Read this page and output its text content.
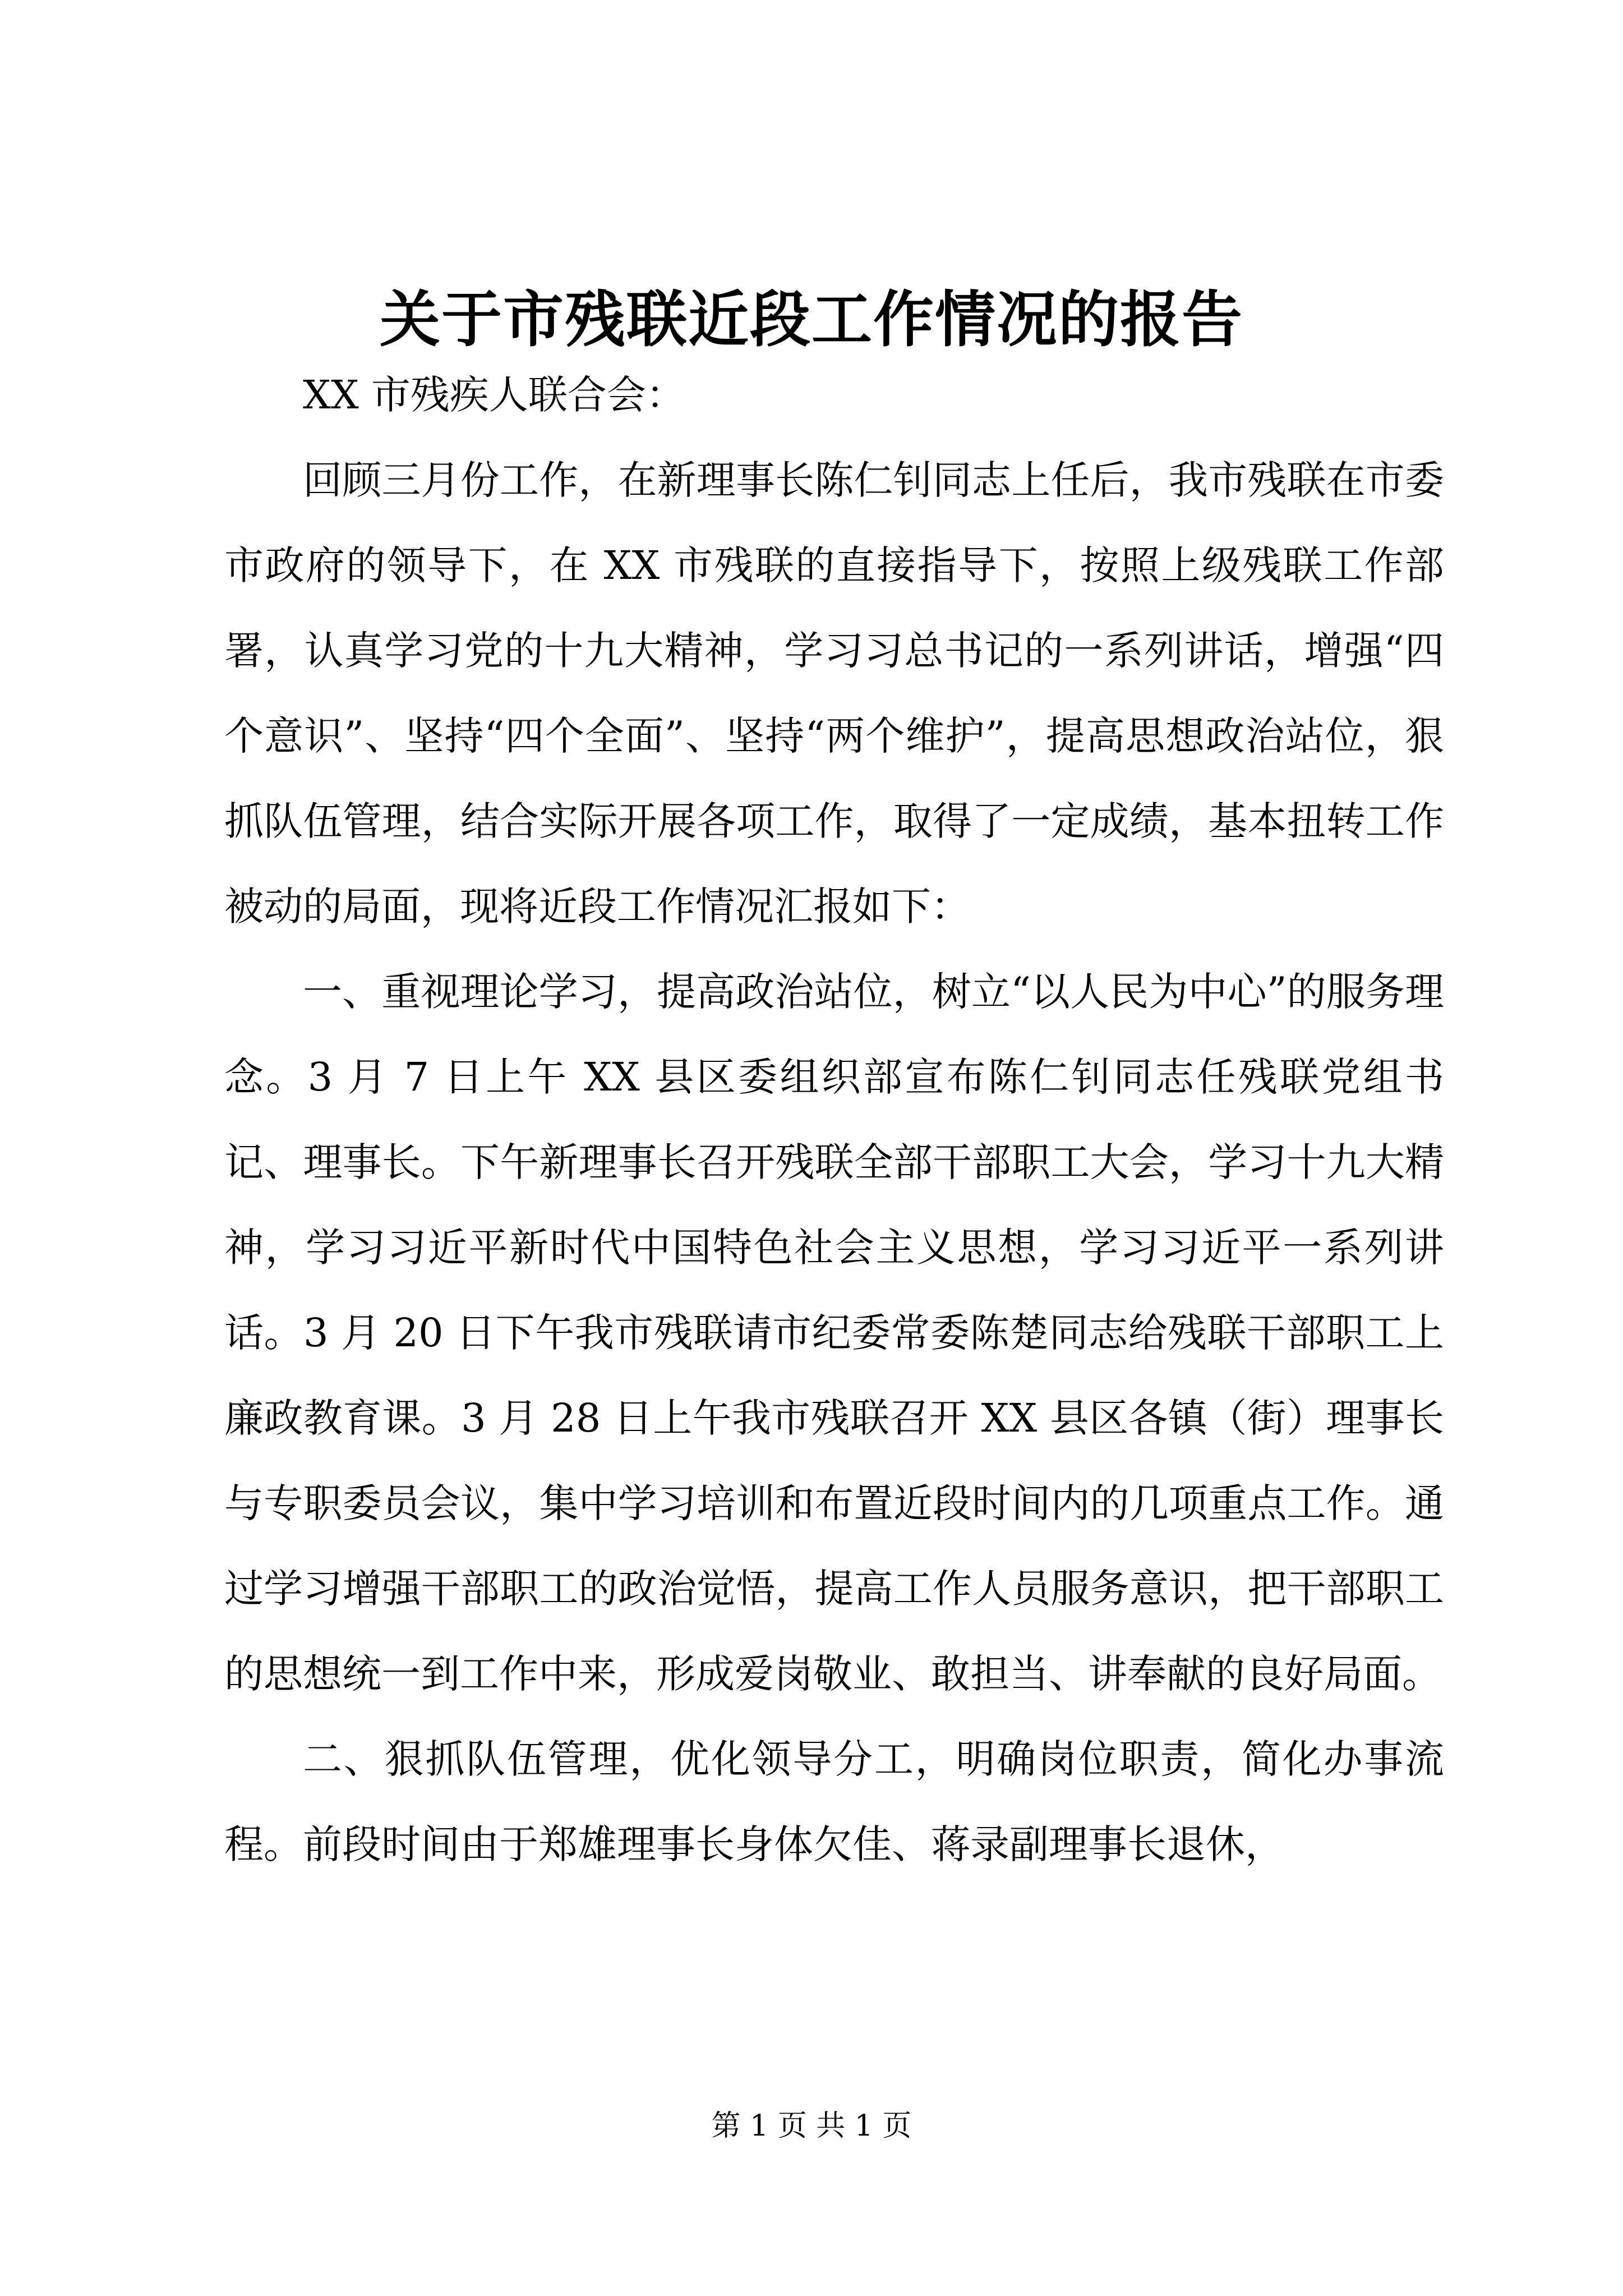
关于市残联近段工作情况的报告

XX 市残疾人联合会：

回顾三月份工作，在新理事长陈仁钊同志上任后，我市残联在市委市政府的领导下，在 XX 市残联的直接指导下，按照上级残联工作部署，认真学习党的十九大精神，学习习总书记的一系列讲话，增强“四个意识”、坚持“四个全面”、坚持“两个维护”，提高思想政治站位，狠抓队伍管理，结合实际开展各项工作，取得了一定成绩，基本扭转工作被动的局面，现将近段工作情况汇报如下：

一、重视理论学习，提高政治站位，树立“以人民为中心”的服务理念。3 月 7 日上午 XX 县区委组织部宣布陈仁钊同志任残联党组书记、理事长。下午新理事长召开残联全部干部职工大会，学习十九大精神，学习习近平新时代中国特色社会主义思想，学习习近平一系列讲话。3 月 20 日下午我市残联请市纪委常委陈楚同志给残联干部职工上廉政教育课。3 月 28 日上午我市残联召开 XX 县区各镇（街）理事长与专职委员会议，集中学习培训和布置近段时间内的几项重点工作。通过学习增强干部职工的政治觉悟，提高工作人员服务意识，把干部职工的思想统一到工作中来，形成爱岗敬业、敢担当、讲奉献的良好局面。

二、狠抓队伍管理，优化领导分工，明确岗位职责，简化办事流程。前段时间由于郑雄理事长身体欠佳、蒋录副理事长退休，

第 1 页 共 1 页
